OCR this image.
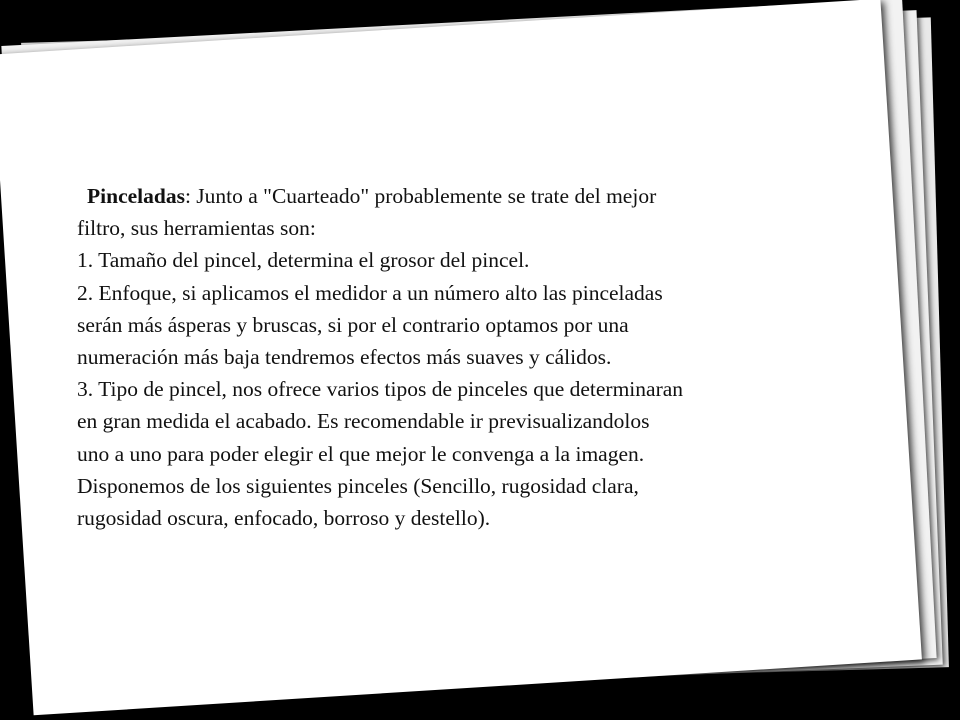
Pinceladas: Junto a "Cuarteado" probablemente se trate del mejor

filtro, sus herramientas son:

1. Tamaño del pincel, determina el grosor del pincel.

2. Enfoque, si aplicamos el medidor a un número alto las pinceladas

serán más ásperas y bruscas, si por el contrario optamos por una

numeración más baja tendremos efectos más suaves y cálidos.

3. Tipo de pincel, nos ofrece varios tipos de pinceles que determinaran

en gran medida el acabado. Es recomendable ir previsualizandolos

uno a uno para poder elegir el que mejor le convenga a la imagen.

Disponemos de los siguientes pinceles (Sencillo, rugosidad clara,

rugosidad oscura, enfocado, borroso y destello).
